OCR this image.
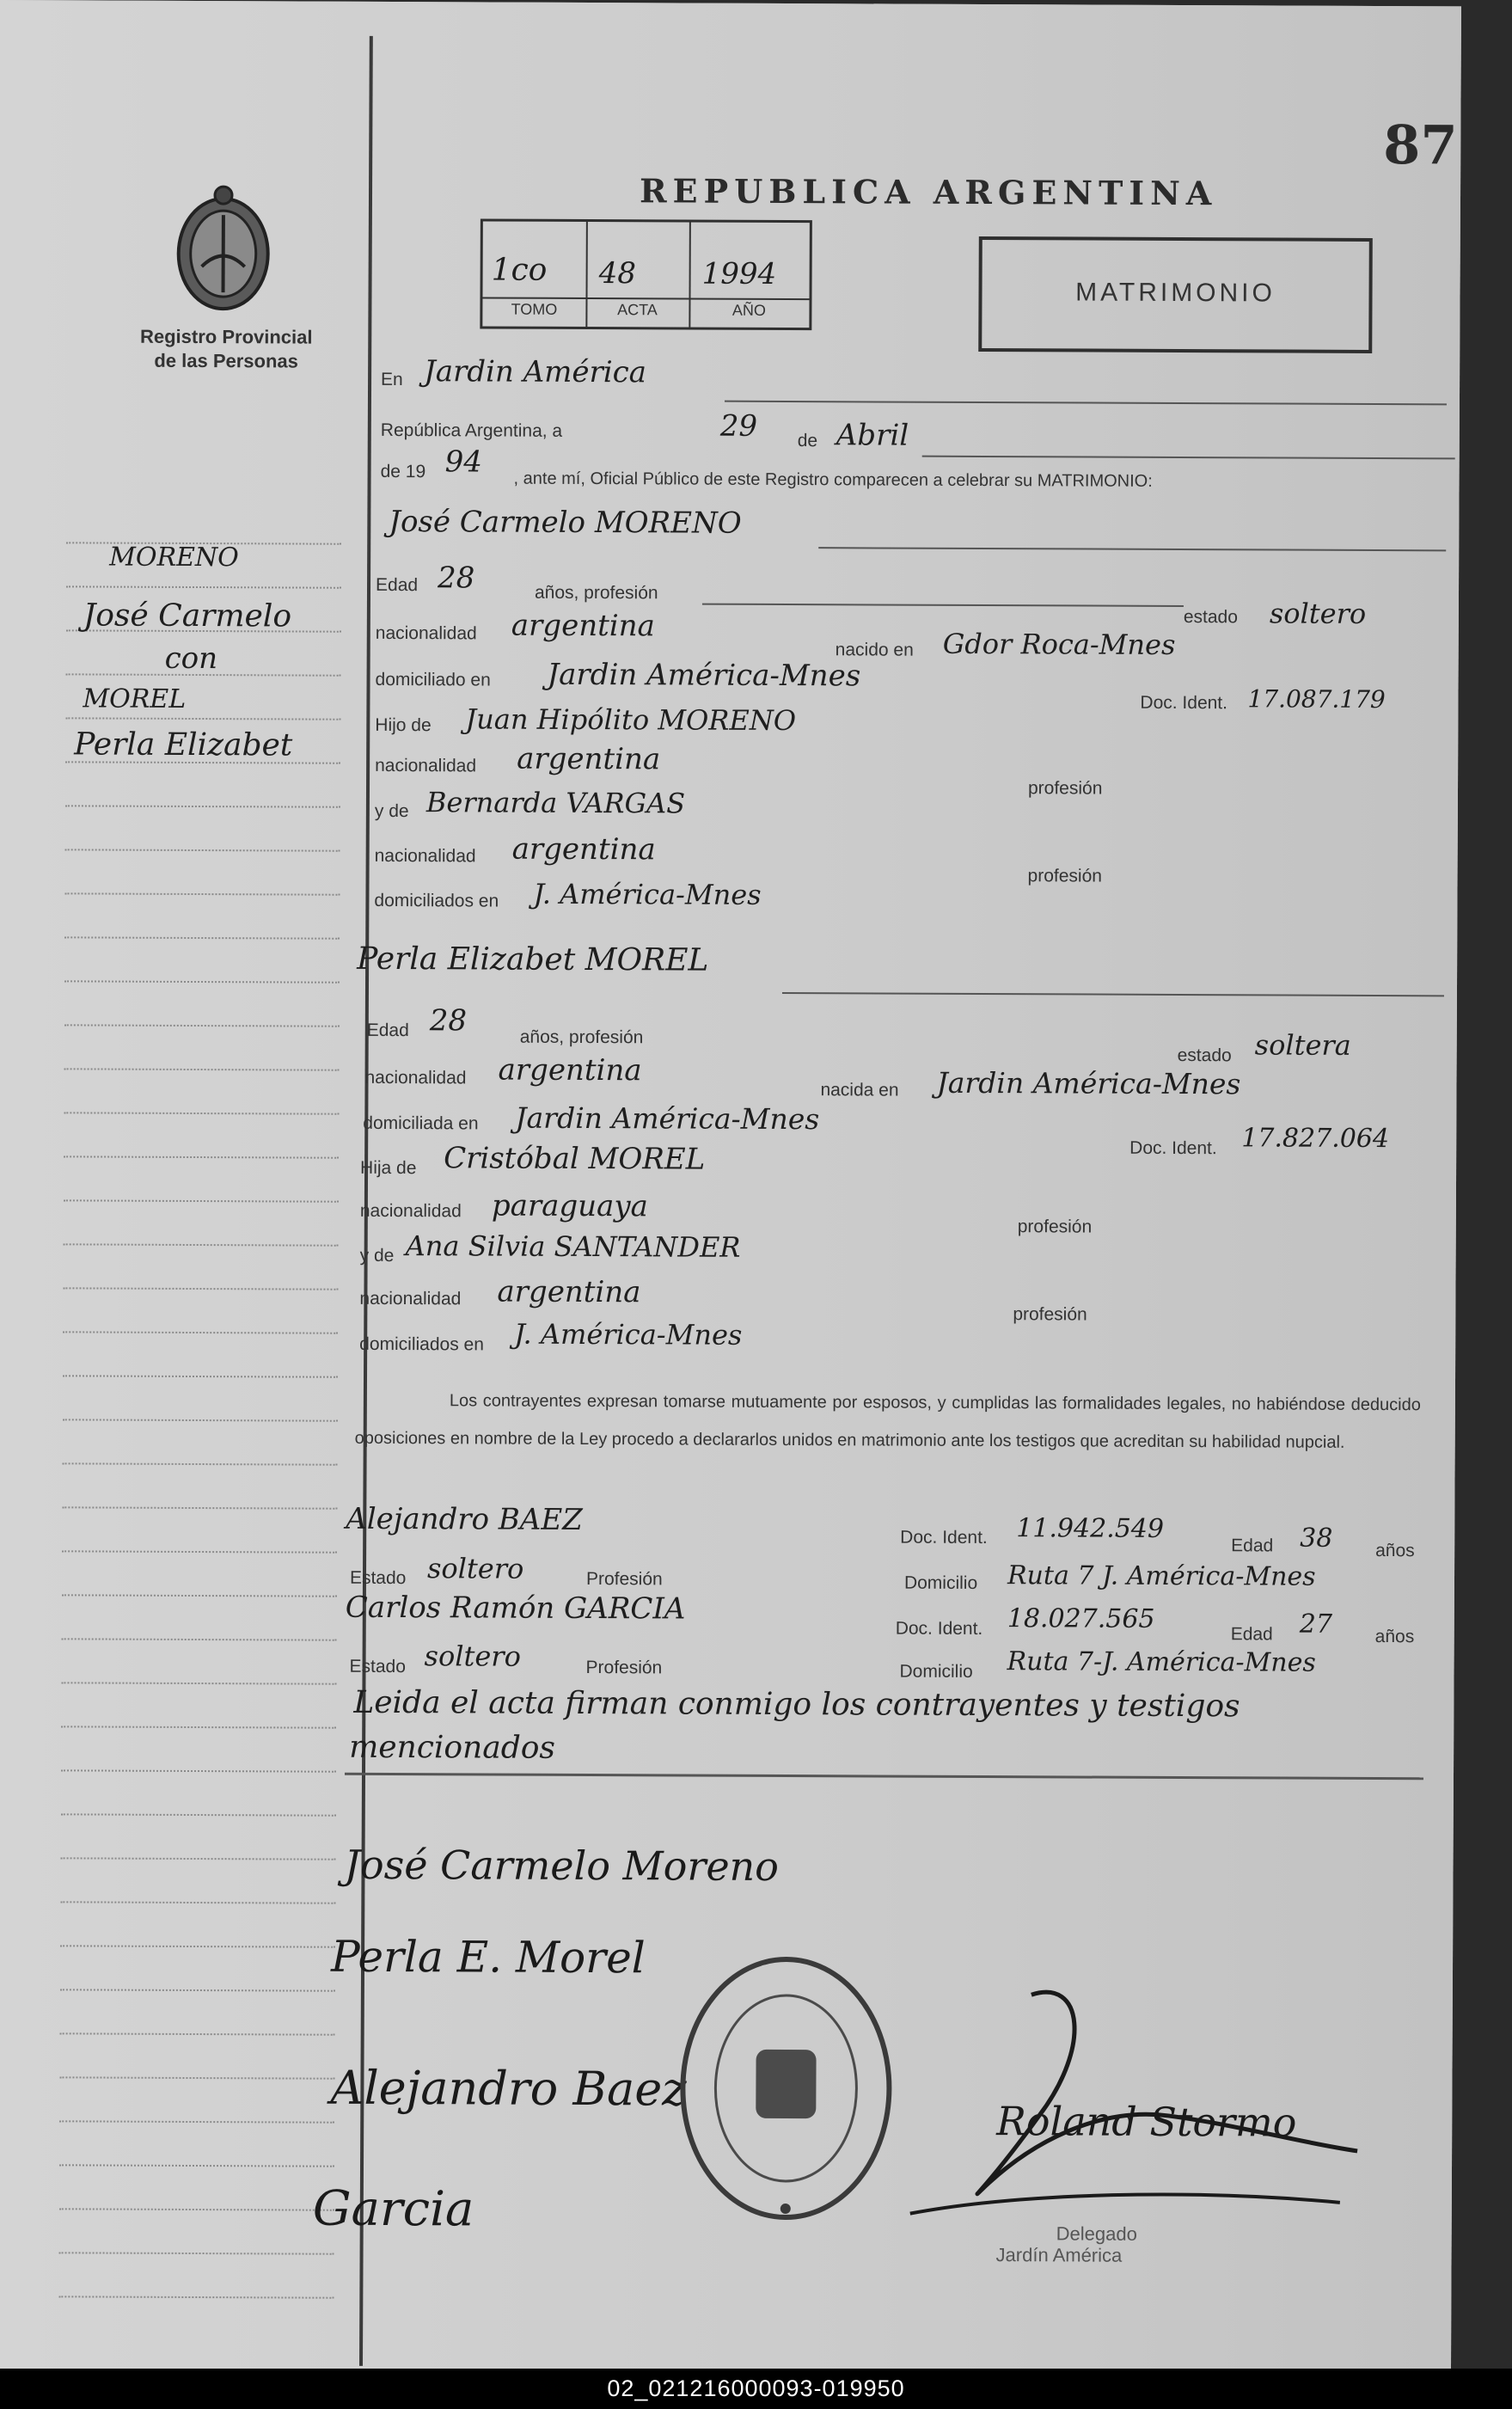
87
Registro Provincial
de las Personas
REPUBLICA ARGENTINA
1co 48 1994
TOMO	ACTA	AÑO
MATRIMONIO
MORENO
José Carmelo
con
MOREL
Perla Elizabet
En Jardin América
República Argentina, a	29 de Abril
de 19 94
, ante mí, Oficial Público de este Registro comparecen a celebrar su MATRIMONIO:
José Carmelo MORENO
Edad 28	años, profesión
estado soltero
nacionalidad argentina
nacido en Gdor Roca-Mnes
domiciliado en Jardin América-Mnes
Doc. Ident. 17.087.179
Hijo de Juan Hipólito MORENO
nacionalidad argentina
profesión
y de Bernarda VARGAS
nacionalidad argentina
profesión
domiciliados en J. América-Mnes
Perla Elizabet MOREL
Edad 28	años, profesión
estado soltera
nacionalidad argentina
nacida en Jardin América-Mnes
domiciliada en Jardin América-Mnes
Doc. Ident. 17.827.064
Hija de Cristóbal MOREL
nacionalidad paraguaya
profesión
y de Ana Silvia SANTANDER
nacionalidad argentina
profesión
domiciliados en J. América-Mnes
Los contrayentes expresan tomarse mutuamente por esposos, y cumplidas las formalidades legales, no habiéndose deducido oposiciones en nombre de la Ley procedo a declararlos unidos en matrimonio ante los testigos que acreditan su habilidad nupcial.
Alejandro BAEZ
Doc. Ident. 11.942.549
Edad 38 años
Estado soltero	Profesión	Domicilio Ruta 7 J. América-Mnes
Carlos Ramón GARCIA
Doc. Ident. 18.027.565	Edad 27 años
Estado soltero	Profesión	Domicilio Ruta 7-J. América-Mnes
Leida el acta firman conmigo los contrayentes y testigos
mencionados
José Carmelo Moreno
Perla E. Morel
Alejandro Baez
Garcia
Roland Stormo
Delegado
Jardín América
02_021216000093-019950
